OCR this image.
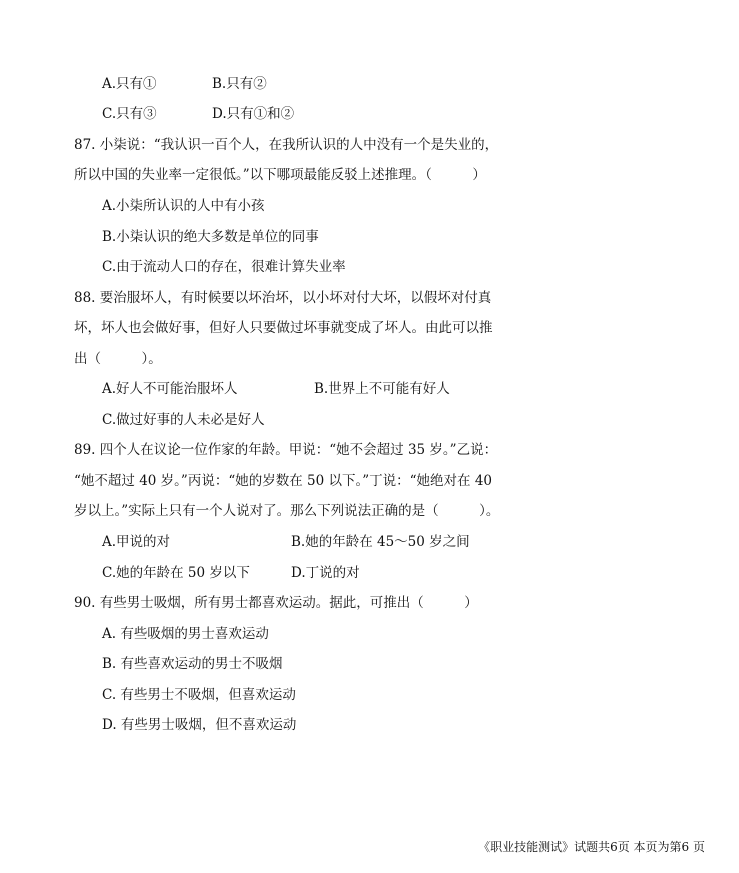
A.只有①	B.只有②
C.只有③	D.只有①和②
87. 小柒说：“我认识一百个人，在我所认识的人中没有一个是失业的，
所以中国的失业率一定很低。”以下哪项最能反驳上述推理。（　　　）
A.小柒所认识的人中有小孩
B.小柒认识的绝大多数是单位的同事
C.由于流动人口的存在，很难计算失业率
88. 要治服坏人，有时候要以坏治坏，以小坏对付大坏，以假坏对付真
坏，坏人也会做好事，但好人只要做过坏事就变成了坏人。由此可以推
出（　　　）。
A.好人不可能治服坏人	B.世界上不可能有好人
C.做过好事的人未必是好人
89. 四个人在议论一位作家的年龄。甲说：“她不会超过 35 岁。”乙说：
“她不超过 40 岁。”丙说：“她的岁数在 50 以下。”丁说：“她绝对在 40
岁以上。”实际上只有一个人说对了。那么下列说法正确的是（　　　）。
A.甲说的对	B.她的年龄在 45～50 岁之间
C.她的年龄在 50 岁以下	D.丁说的对
90. 有些男士吸烟，所有男士都喜欢运动。据此，可推出（　　　）
A. 有些吸烟的男士喜欢运动
B. 有些喜欢运动的男士不吸烟
C. 有些男士不吸烟，但喜欢运动
D. 有些男士吸烟，但不喜欢运动
《职业技能测试》试题共6页 本页为第6 页
